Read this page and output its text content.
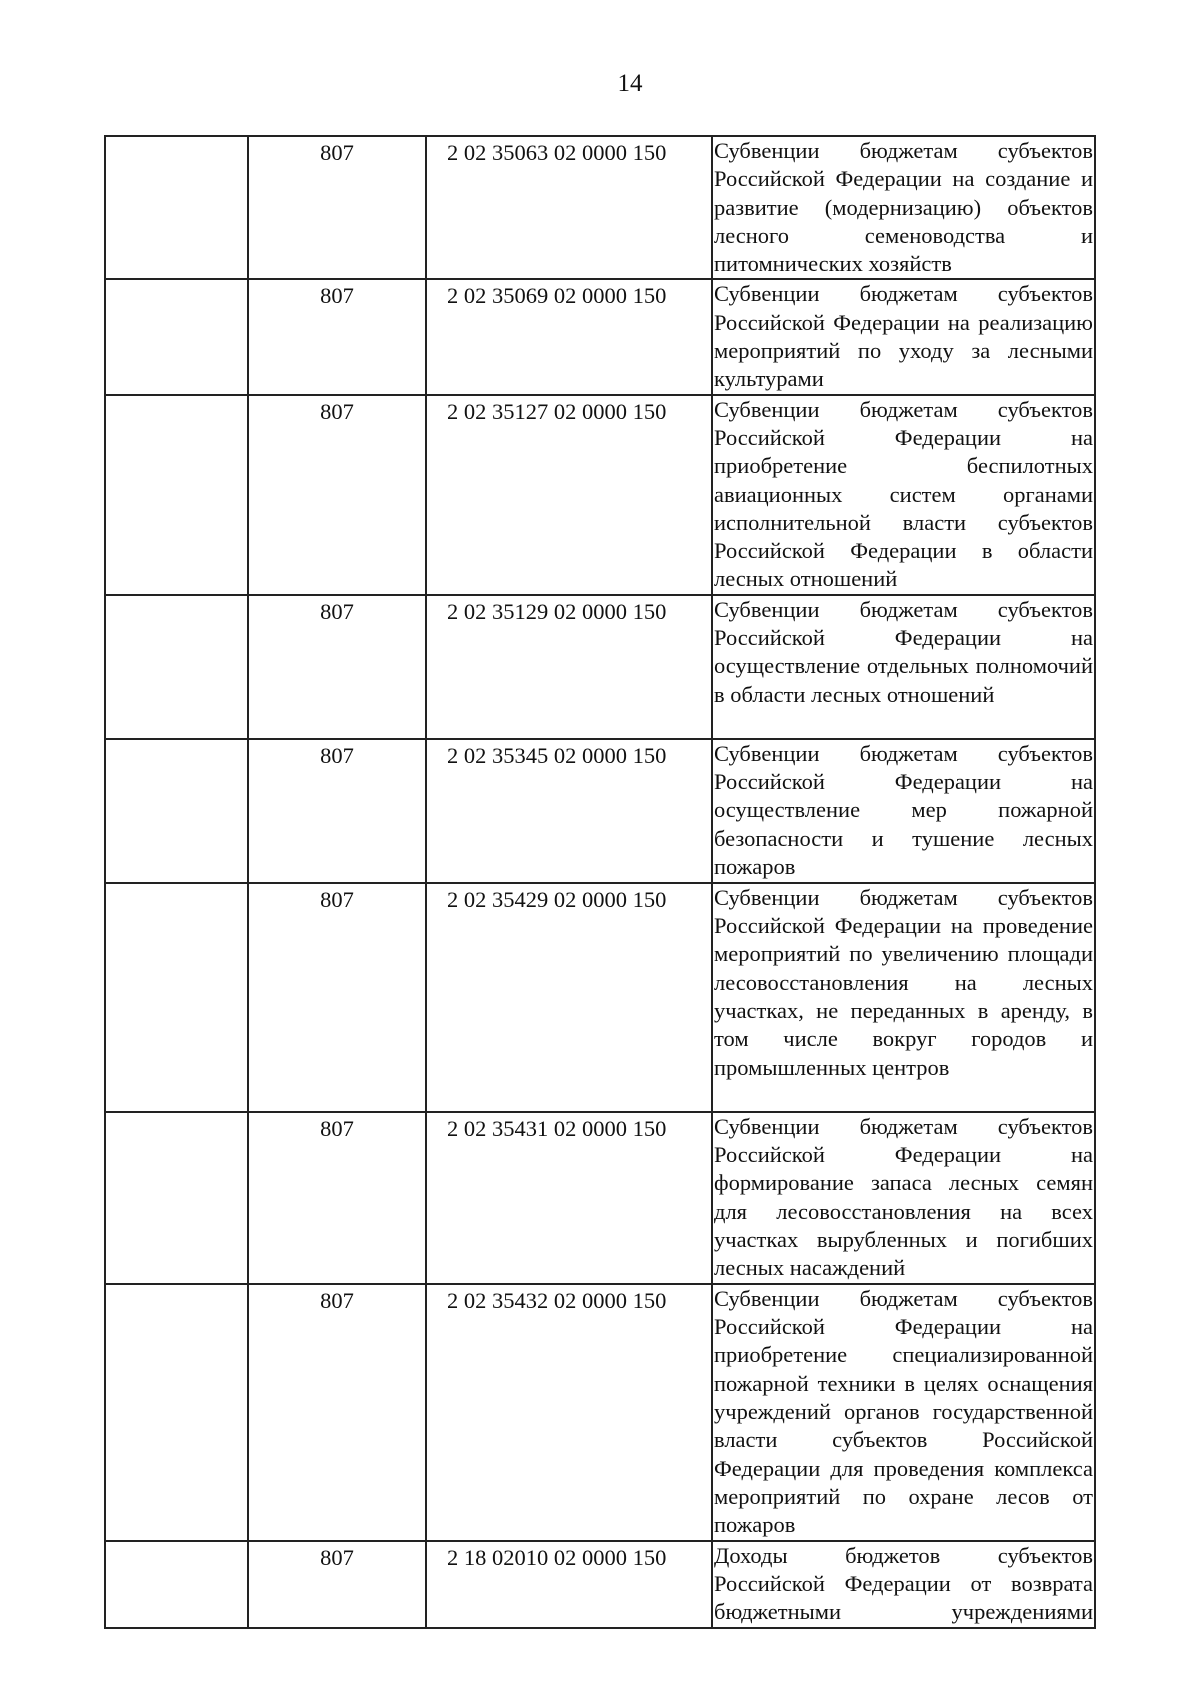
14
	807	2 02 35063 02 0000 150	Субвенции бюджетам субъектов Российской Федерации на создание и развитие (модернизацию) объектов лесного семеноводства и питомнических хозяйств
	807	2 02 35069 02 0000 150	Субвенции бюджетам субъектов Российской Федерации на реализацию мероприятий по уходу за лесными культурами
	807	2 02 35127 02 0000 150	Субвенции бюджетам субъектов Российской Федерации на приобретение беспилотных авиационных систем органами исполнительной власти субъектов Российской Федерации в области лесных отношений
	807	2 02 35129 02 0000 150	Субвенции бюджетам субъектов Российской Федерации на осуществление отдельных полномочий в области лесных отношений
	807	2 02 35345 02 0000 150	Субвенции бюджетам субъектов Российской Федерации на осуществление мер пожарной безопасности и тушение лесных пожаров
	807	2 02 35429 02 0000 150	Субвенции бюджетам субъектов Российской Федерации на проведение мероприятий по увеличению площади лесовосстановления на лесных участках, не переданных в аренду, в том числе вокруг городов и промышленных центров
	807	2 02 35431 02 0000 150	Субвенции бюджетам субъектов Российской Федерации на формирование запаса лесных семян для лесовосстановления на всех участках вырубленных и погибших лесных насаждений
	807	2 02 35432 02 0000 150	Субвенции бюджетам субъектов Российской Федерации на приобретение специализированной пожарной техники в целях оснащения учреждений органов государственной власти субъектов Российской Федерации для проведения комплекса мероприятий по охране лесов от пожаров
	807	2 18 02010 02 0000 150	Доходы бюджетов субъектов Российской Федерации от возврата бюджетными учреждениями
